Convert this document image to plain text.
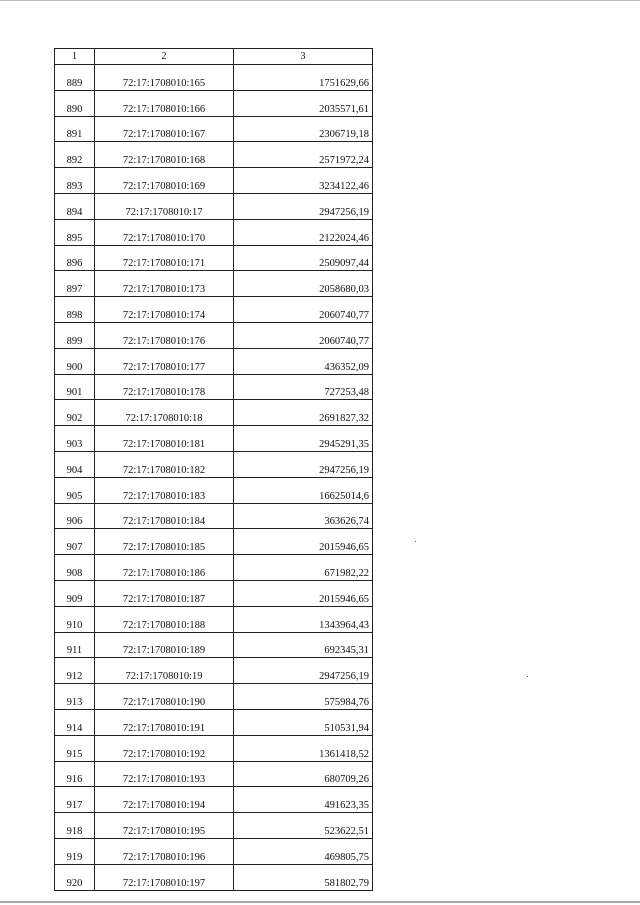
1	2	3
889	72:17:1708010:165	1751629,66
890	72:17:1708010:166	2035571,61
891	72:17:1708010:167	2306719,18
892	72:17:1708010:168	2571972,24
893	72:17:1708010:169	3234122,46
894	72:17:1708010:17	2947256,19
895	72:17:1708010:170	2122024,46
896	72:17:1708010:171	2509097,44
897	72:17:1708010:173	2058680,03
898	72:17:1708010:174	2060740,77
899	72:17:1708010:176	2060740,77
900	72:17:1708010:177	436352,09
901	72:17:1708010:178	727253,48
902	72:17:1708010:18	2691827,32
903	72:17:1708010:181	2945291,35
904	72:17:1708010:182	2947256,19
905	72:17:1708010:183	16625014,6
906	72:17:1708010:184	363626,74
907	72:17:1708010:185	2015946,65
908	72:17:1708010:186	671982,22
909	72:17:1708010:187	2015946,65
910	72:17:1708010:188	1343964,43
911	72:17:1708010:189	692345,31
912	72:17:1708010:19	2947256,19
913	72:17:1708010:190	575984,76
914	72:17:1708010:191	510531,94
915	72:17:1708010:192	1361418,52
916	72:17:1708010:193	680709,26
917	72:17:1708010:194	491623,35
918	72:17:1708010:195	523622,51
919	72:17:1708010:196	469805,75
920	72:17:1708010:197	581802,79
